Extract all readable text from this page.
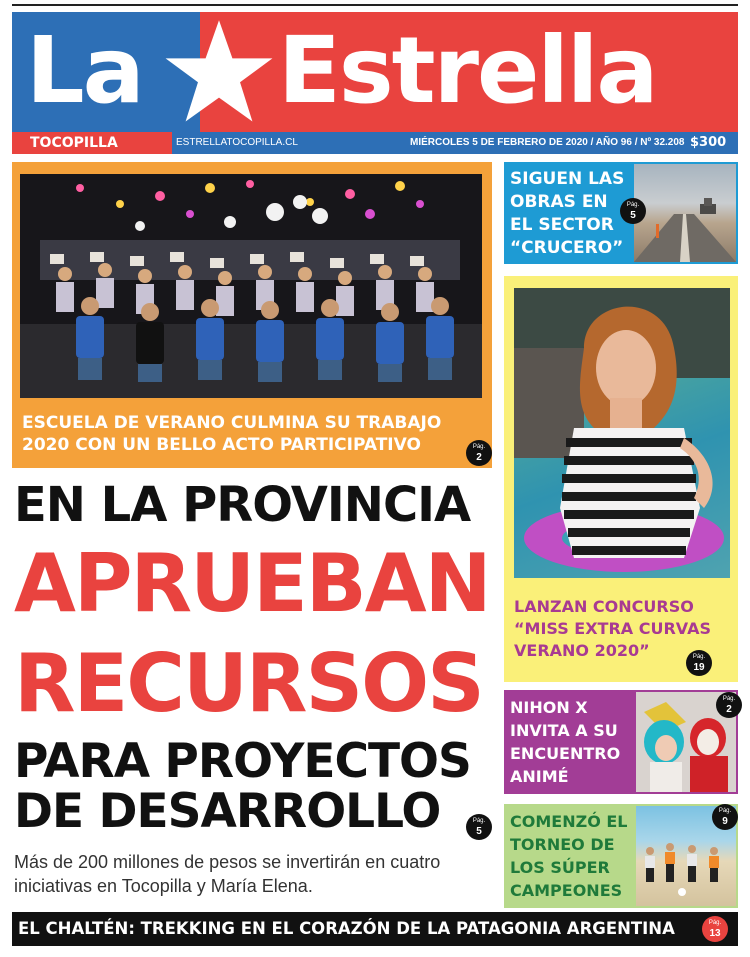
La Estrella
TOCOPILLA	ESTRELLATOCOPILLA.CL	MIÉRCOLES 5 DE FEBRERO DE 2020 / AÑO 96 / Nº 32.208 $300
ESCUELA DE VERANO CULMINA SU TRABAJO 2020 CON UN BELLO ACTO PARTICIPATIVO	Pág.
2
EN LA PROVINCIA
APRUEBAN
RECURSOS
PARA PROYECTOS
DE DESARROLLO	Pág.
5
Más de 200 millones de pesos se invertirán en cuatro iniciativas en Tocopilla y María Elena.
SIGUEN LAS OBRAS EN EL SECTOR “CRUCERO”
Pág.
5
LANZAN CONCURSO “MISS EXTRA CURVAS VERANO 2020”	Pág.
19
NIHON X INVITA A SU ENCUENTRO ANIMÉ
Pág.
2
COMENZÓ EL TORNEO DE LOS SÚPER CAMPEONES
Pág.
9
EL CHALTÉN: TREKKING EN EL CORAZÓN DE LA PATAGONIA ARGENTINA	Pág.
13
